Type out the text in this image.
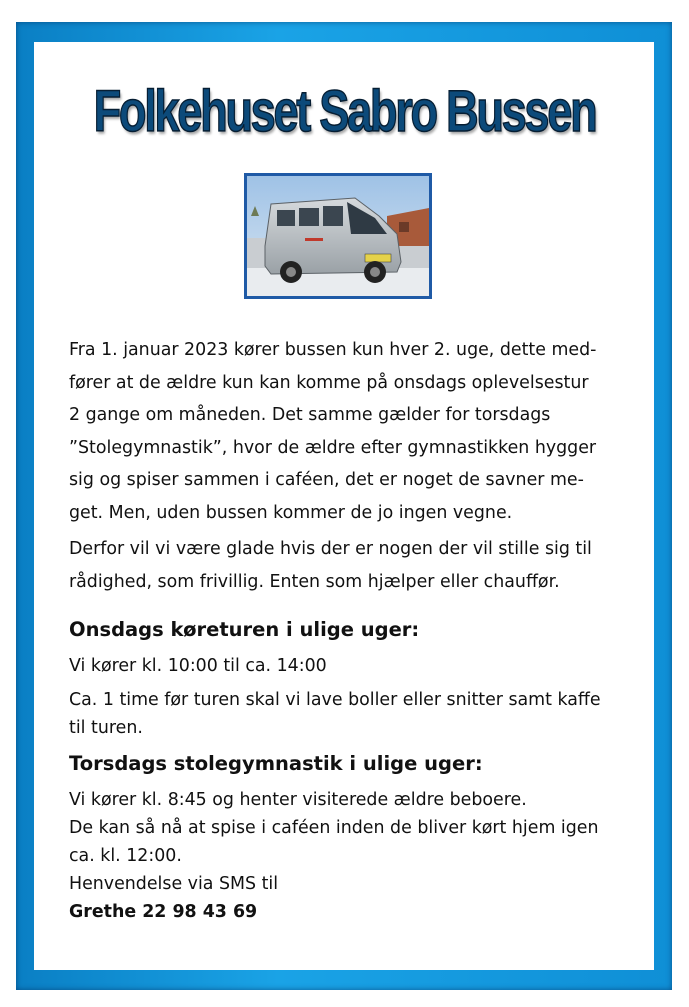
Folkehuset Sabro Bussen

Fra 1. januar 2023 kører bussen kun hver 2. uge, dette med-
fører at de ældre kun kan komme på onsdags oplevelsestur
2 gange om måneden. Det samme gælder for torsdags
”Stolegymnastik”, hvor de ældre efter gymnastikken hygger
sig og spiser sammen i caféen, det er noget de savner me-
get. Men, uden bussen kommer de jo ingen vegne.

Derfor vil vi være glade hvis der er nogen der vil stille sig til
rådighed, som frivillig. Enten som hjælper eller chauffør.

Onsdags køreturen i ulige uger:
Vi kører kl. 10:00 til ca. 14:00
Ca. 1 time før turen skal vi lave boller eller snitter samt kaffe
til turen.
Torsdags stolegymnastik i ulige uger:
Vi kører kl. 8:45 og henter visiterede ældre beboere.
De kan så nå at spise i caféen inden de bliver kørt hjem igen
ca. kl. 12:00.
Henvendelse via SMS til
Grethe 22 98 43 69
